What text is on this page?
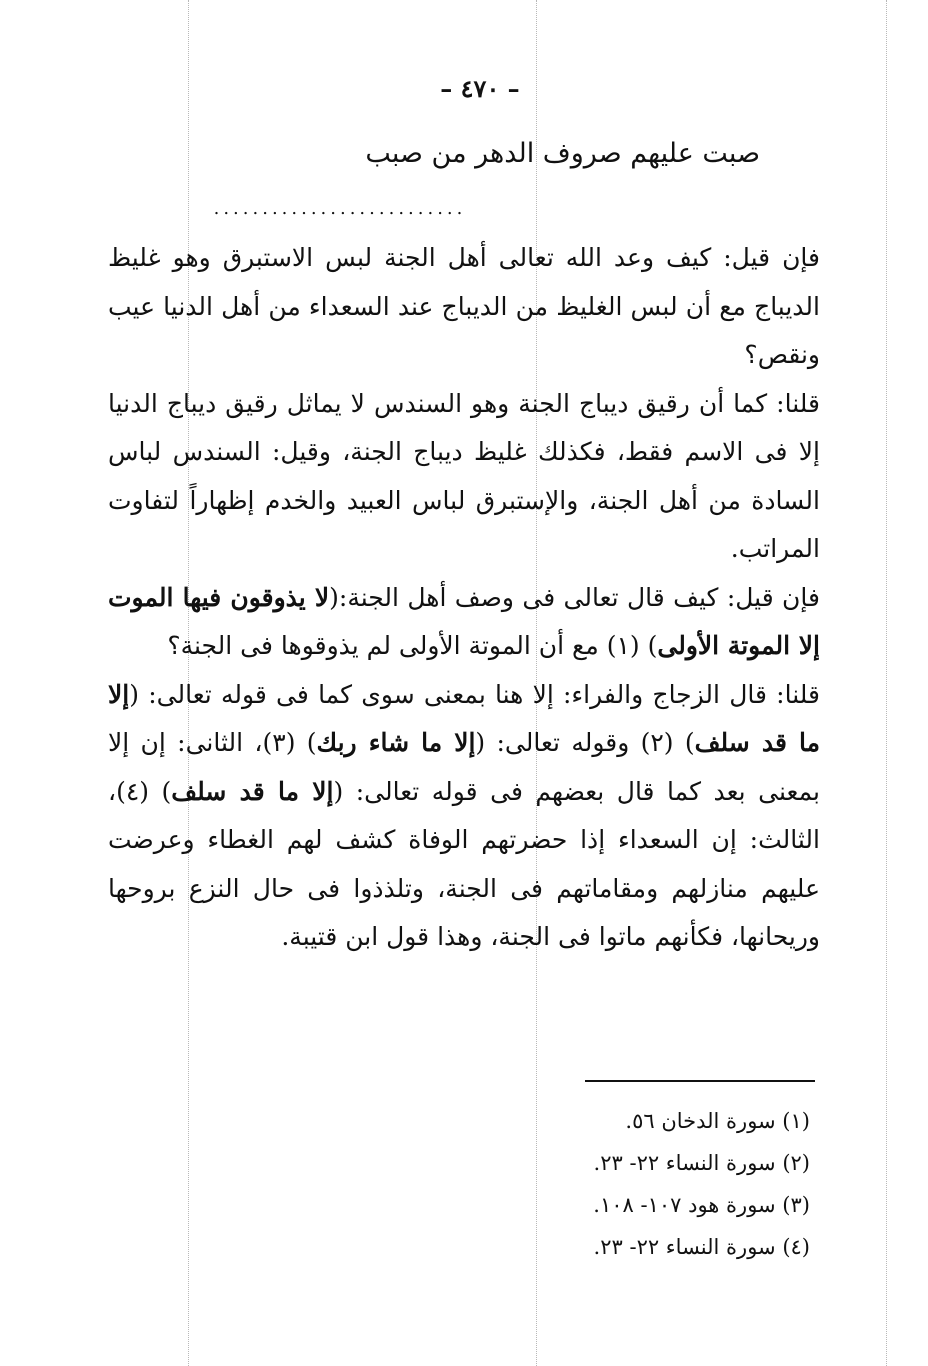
– ٤٧٠ –
صبت عليهم صروف الدهر من صبب
..........................

فإن قيل: كيف وعد الله تعالى أهل الجنة لبس الاستبرق وهو غليظ الديباج مع أن لبس الغليظ من الديباج عند السعداء من أهل الدنيا عيب ونقص؟

قلنا: كما أن رقيق ديباج الجنة وهو السندس لا يماثل رقيق ديباج الدنيا إلا فى الاسم فقط، فكذلك غليظ ديباج الجنة، وقيل: السندس لباس السادة من أهل الجنة، والإستبرق لباس العبيد والخدم إظهاراً لتفاوت المراتب.

فإن قيل: كيف قال تعالى فى وصف أهل الجنة:(لا يذوقون فيها الموت إلا الموتة الأولى) (١) مع أن الموتة الأولى لم يذوقوها فى الجنة؟

قلنا: قال الزجاج والفراء: إلا هنا بمعنى سوى كما فى قوله تعالى: (إلا ما قد سلف) (٢) وقوله تعالى: (إلا ما شاء ربك) (٣)، الثانى: إن إلا بمعنى بعد كما قال بعضهم فى قوله تعالى: (إلا ما قد سلف) (٤)، الثالث: إن السعداء إذا حضرتهم الوفاة كشف لهم الغطاء وعرضت عليهم منازلهم ومقاماتهم فى الجنة، وتلذذوا فى حال النزع بروحها وريحانها، فكأنهم ماتوا فى الجنة، وهذا قول ابن قتيبة.

(١) سورة الدخان ٥٦.
(٢) سورة النساء ٢٢- ٢٣.
(٣) سورة هود ١٠٧- ١٠٨.
(٤) سورة النساء ٢٢- ٢٣.
